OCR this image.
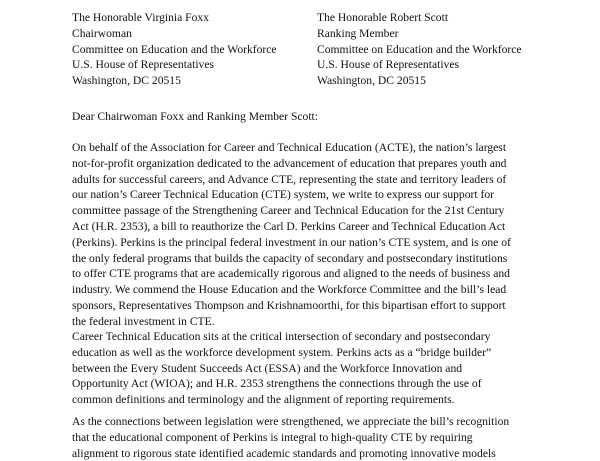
The Honorable Virginia Foxx
Chairwoman
Committee on Education and the Workforce
U.S. House of Representatives
Washington, DC 20515
The Honorable Robert Scott
Ranking Member
Committee on Education and the Workforce
U.S. House of Representatives
Washington, DC 20515

Dear Chairwoman Foxx and Ranking Member Scott:

On behalf of the Association for Career and Technical Education (ACTE), the nation’s largest
not-for-profit organization dedicated to the advancement of education that prepares youth and
adults for successful careers, and Advance CTE, representing the state and territory leaders of
our nation’s Career Technical Education (CTE) system, we write to express our support for
committee passage of the Strengthening Career and Technical Education for the 21st Century
Act (H.R. 2353), a bill to reauthorize the Carl D. Perkins Career and Technical Education Act
(Perkins). Perkins is the principal federal investment in our nation’s CTE system, and is one of
the only federal programs that builds the capacity of secondary and postsecondary institutions
to offer CTE programs that are academically rigorous and aligned to the needs of business and
industry. We commend the House Education and the Workforce Committee and the bill’s lead
sponsors, Representatives Thompson and Krishnamoorthi, for this bipartisan effort to support
the federal investment in CTE.
Career Technical Education sits at the critical intersection of secondary and postsecondary
education as well as the workforce development system. Perkins acts as a “bridge builder”
between the Every Student Succeeds Act (ESSA) and the Workforce Innovation and
Opportunity Act (WIOA); and H.R. 2353 strengthens the connections through the use of
common definitions and terminology and the alignment of reporting requirements.
As the connections between legislation were strengthened, we appreciate the bill’s recognition
that the educational component of Perkins is integral to high-quality CTE by requiring
alignment to rigorous state identified academic standards and promoting innovative models
